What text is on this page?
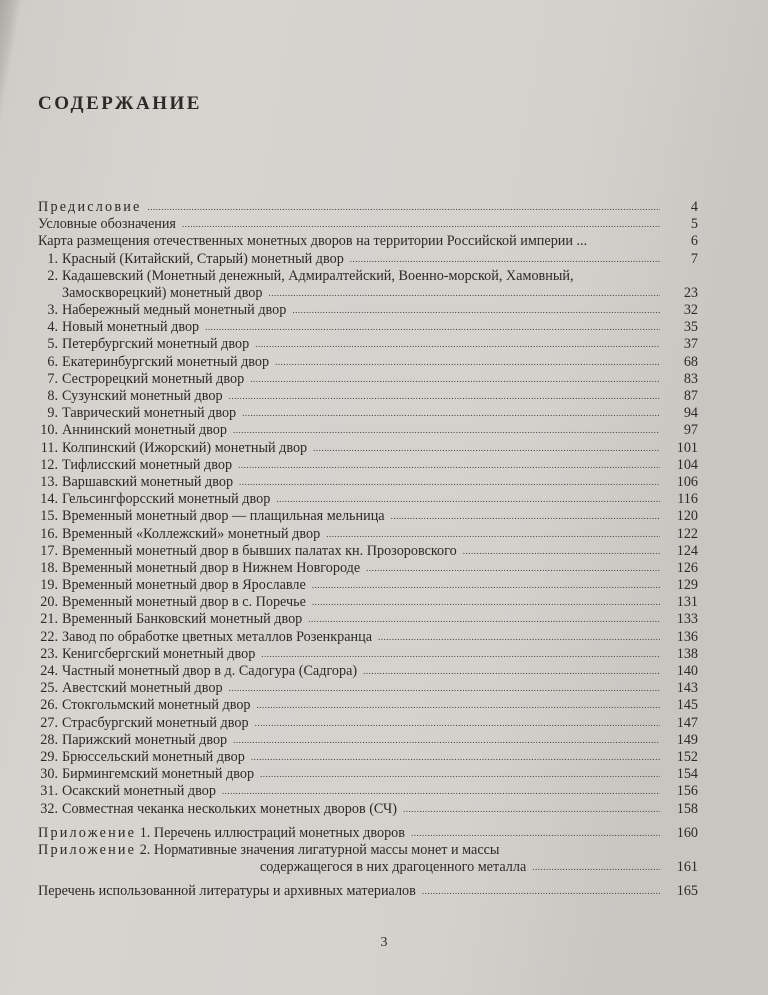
СОДЕРЖАНИЕ
Предисловие .....	4
Условные обозначения .....	5
Карта размещения отечественных монетных дворов на территории Российской империи ...	6
1. Красный (Китайский, Старый) монетный двор .....	7
2. Кадашевский (Монетный денежный, Адмиралтейский, Военно-морской, Хамовный,
Замоскворецкий) монетный двор .....	23
3. Набережный медный монетный двор .....	32
4. Новый монетный двор .....	35
5. Петербургский монетный двор .....	37
6. Екатеринбургский монетный двор .....	68
7. Сестрорецкий монетный двор .....	83
8. Сузунский монетный двор .....	87
9. Таврический монетный двор .....	94
10. Аннинский монетный двор .....	97
11. Колпинский (Ижорский) монетный двор .....	101
12. Тифлисский монетный двор .....	104
13. Варшавский монетный двор .....	106
14. Гельсингфорсский монетный двор .....	116
15. Временный монетный двор — плащильная мельница .....	120
16. Временный «Коллежский» монетный двор .....	122
17. Временный монетный двор в бывших палатах кн. Прозоровского .....	124
18. Временный монетный двор в Нижнем Новгороде .....	126
19. Временный монетный двор в Ярославле .....	129
20. Временный монетный двор в с. Поречье .....	131
21. Временный Банковский монетный двор .....	133
22. Завод по обработке цветных металлов Розенкранца .....	136
23. Кенигсбергский монетный двор .....	138
24. Частный монетный двор в д. Садогура (Садгора) .....	140
25. Авестский монетный двор .....	143
26. Стокгольмский монетный двор .....	145
27. Страсбургский монетный двор .....	147
28. Парижский монетный двор .....	149
29. Брюссельский монетный двор .....	152
30. Бирмингемский монетный двор .....	154
31. Осакский монетный двор .....	156
32. Совместная чеканка нескольких монетных дворов (СЧ) .....	158
Приложение 1. Перечень иллюстраций монетных дворов .....	160
Приложение 2. Нормативные значения лигатурной массы монет и массы
содержащегося в них драгоценного металла .....	161
Перечень использованной литературы и архивных материалов .....	165
3
